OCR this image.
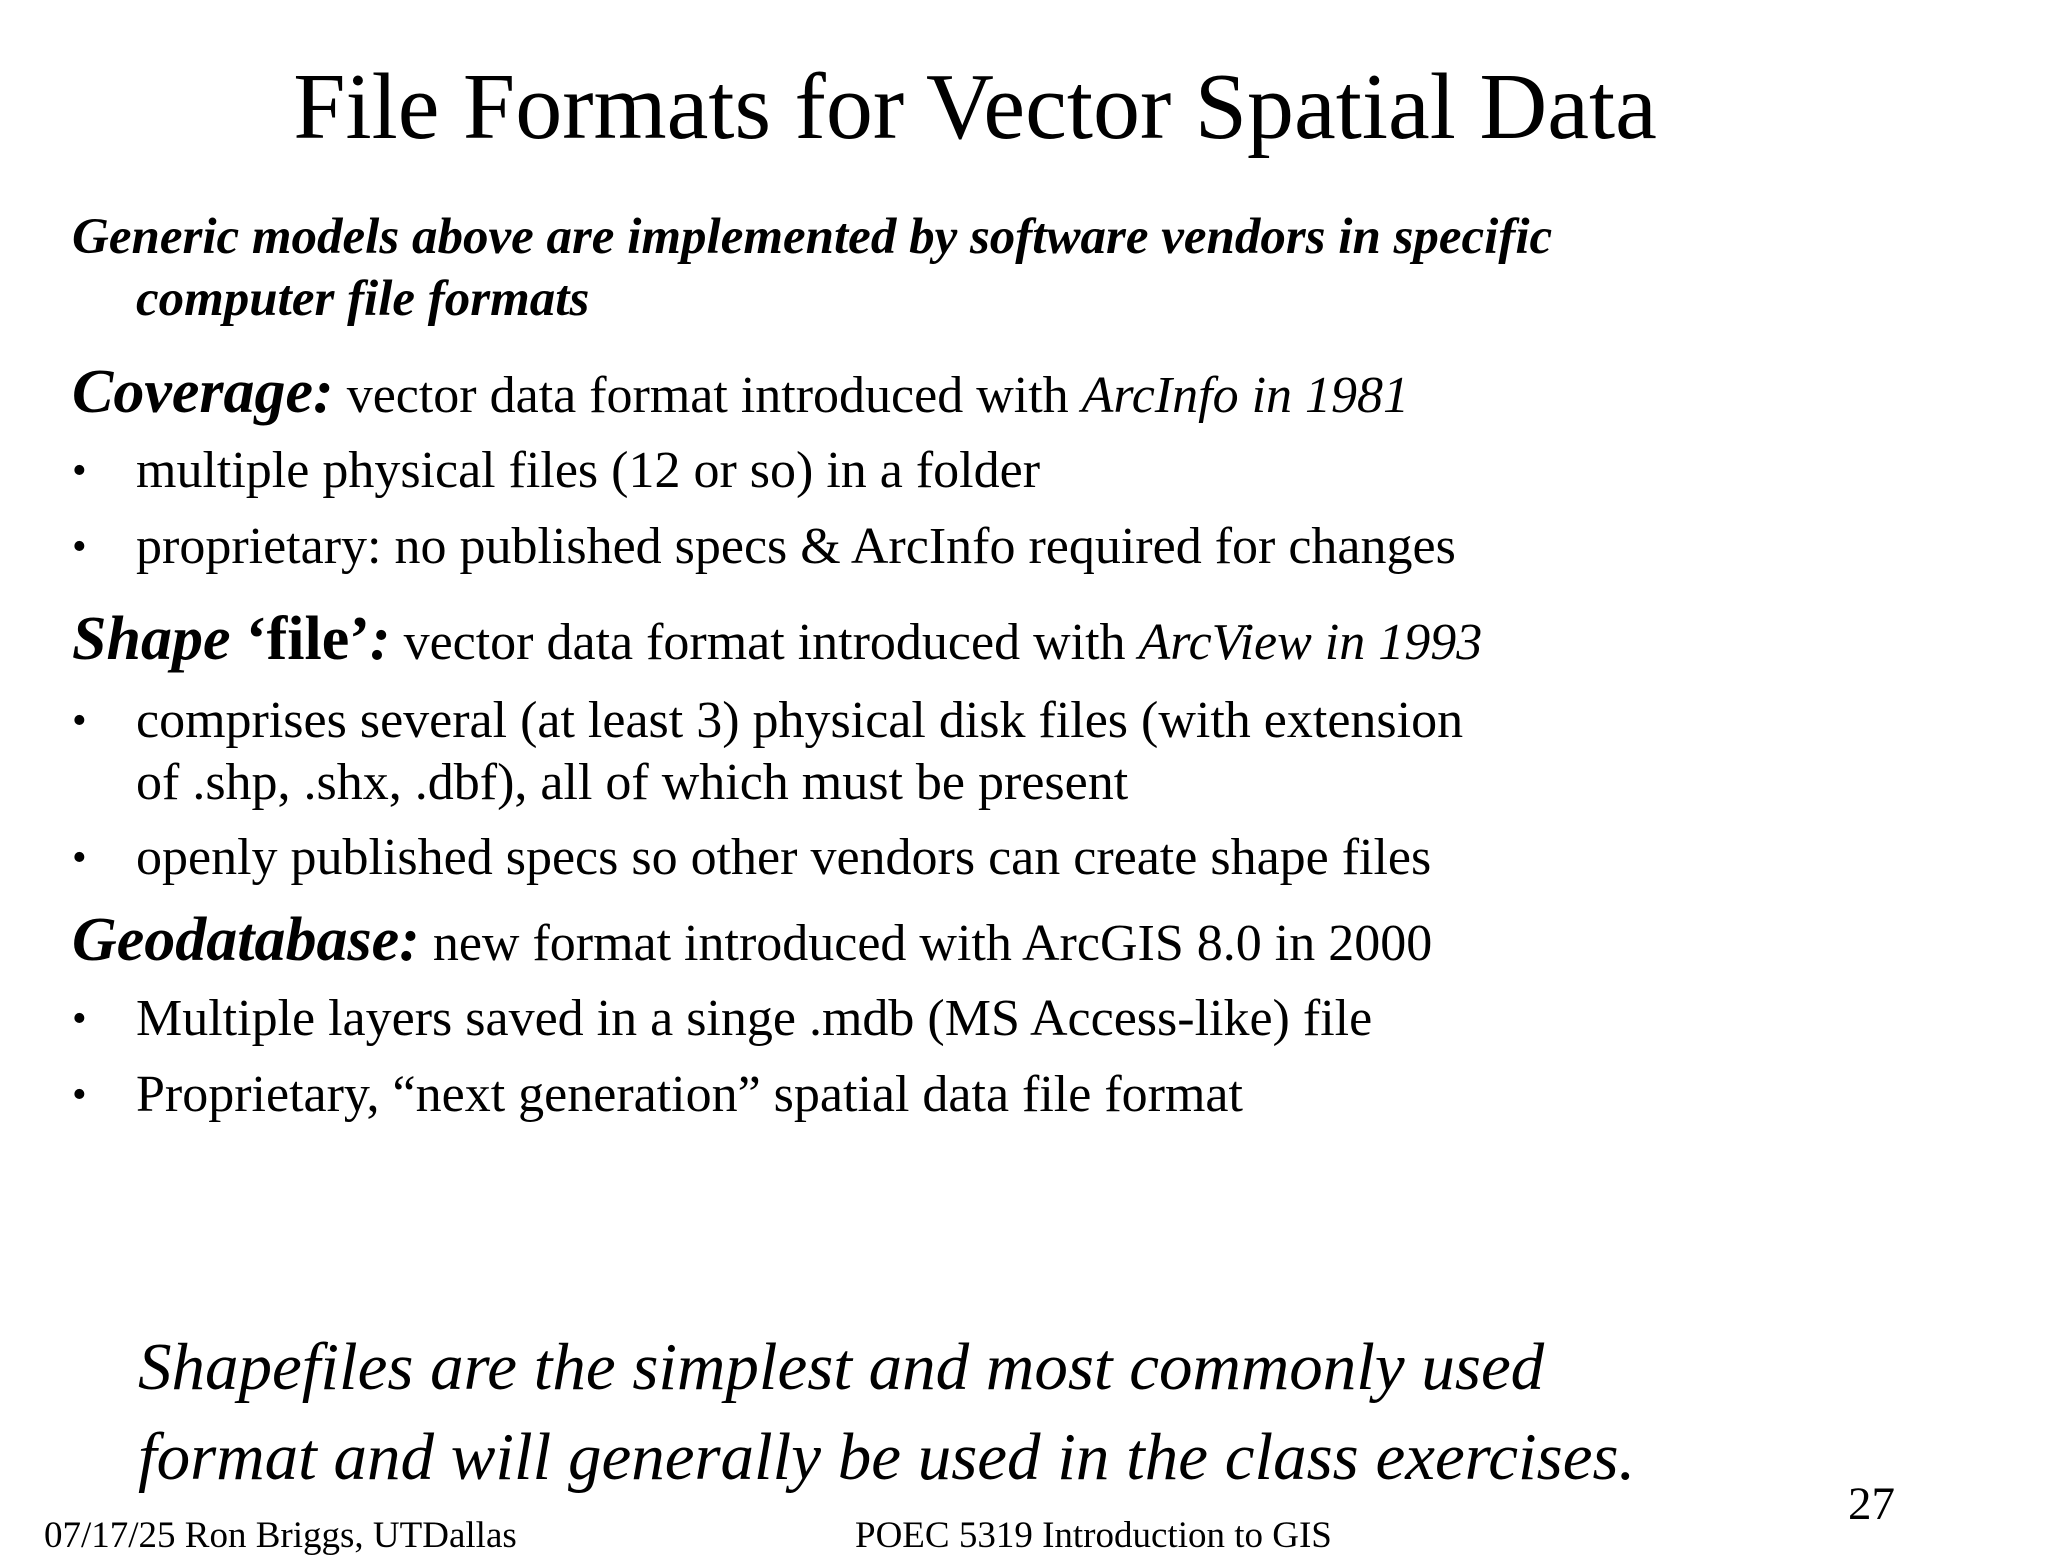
File Formats for Vector Spatial Data
Generic models above are implemented by software vendors in specific
computer file formats
Coverage: vector data format introduced with ArcInfo in 1981
• multiple physical files (12 or so) in a folder
• proprietary: no published specs & ArcInfo required for changes
Shape ‘file’: vector data format introduced with ArcView in 1993
• comprises several (at least 3) physical disk files (with extension
of .shp, .shx, .dbf), all of which must be present
• openly published specs so other vendors can create shape files
Geodatabase: new format introduced with ArcGIS 8.0 in 2000
• Multiple layers saved in a singe .mdb (MS Access-like) file
• Proprietary, “next generation” spatial data file format
Shapefiles are the simplest and most commonly used
format and will generally be used in the class exercises.
27
07/17/25 Ron Briggs, UTDallas	POEC 5319 Introduction to GIS
